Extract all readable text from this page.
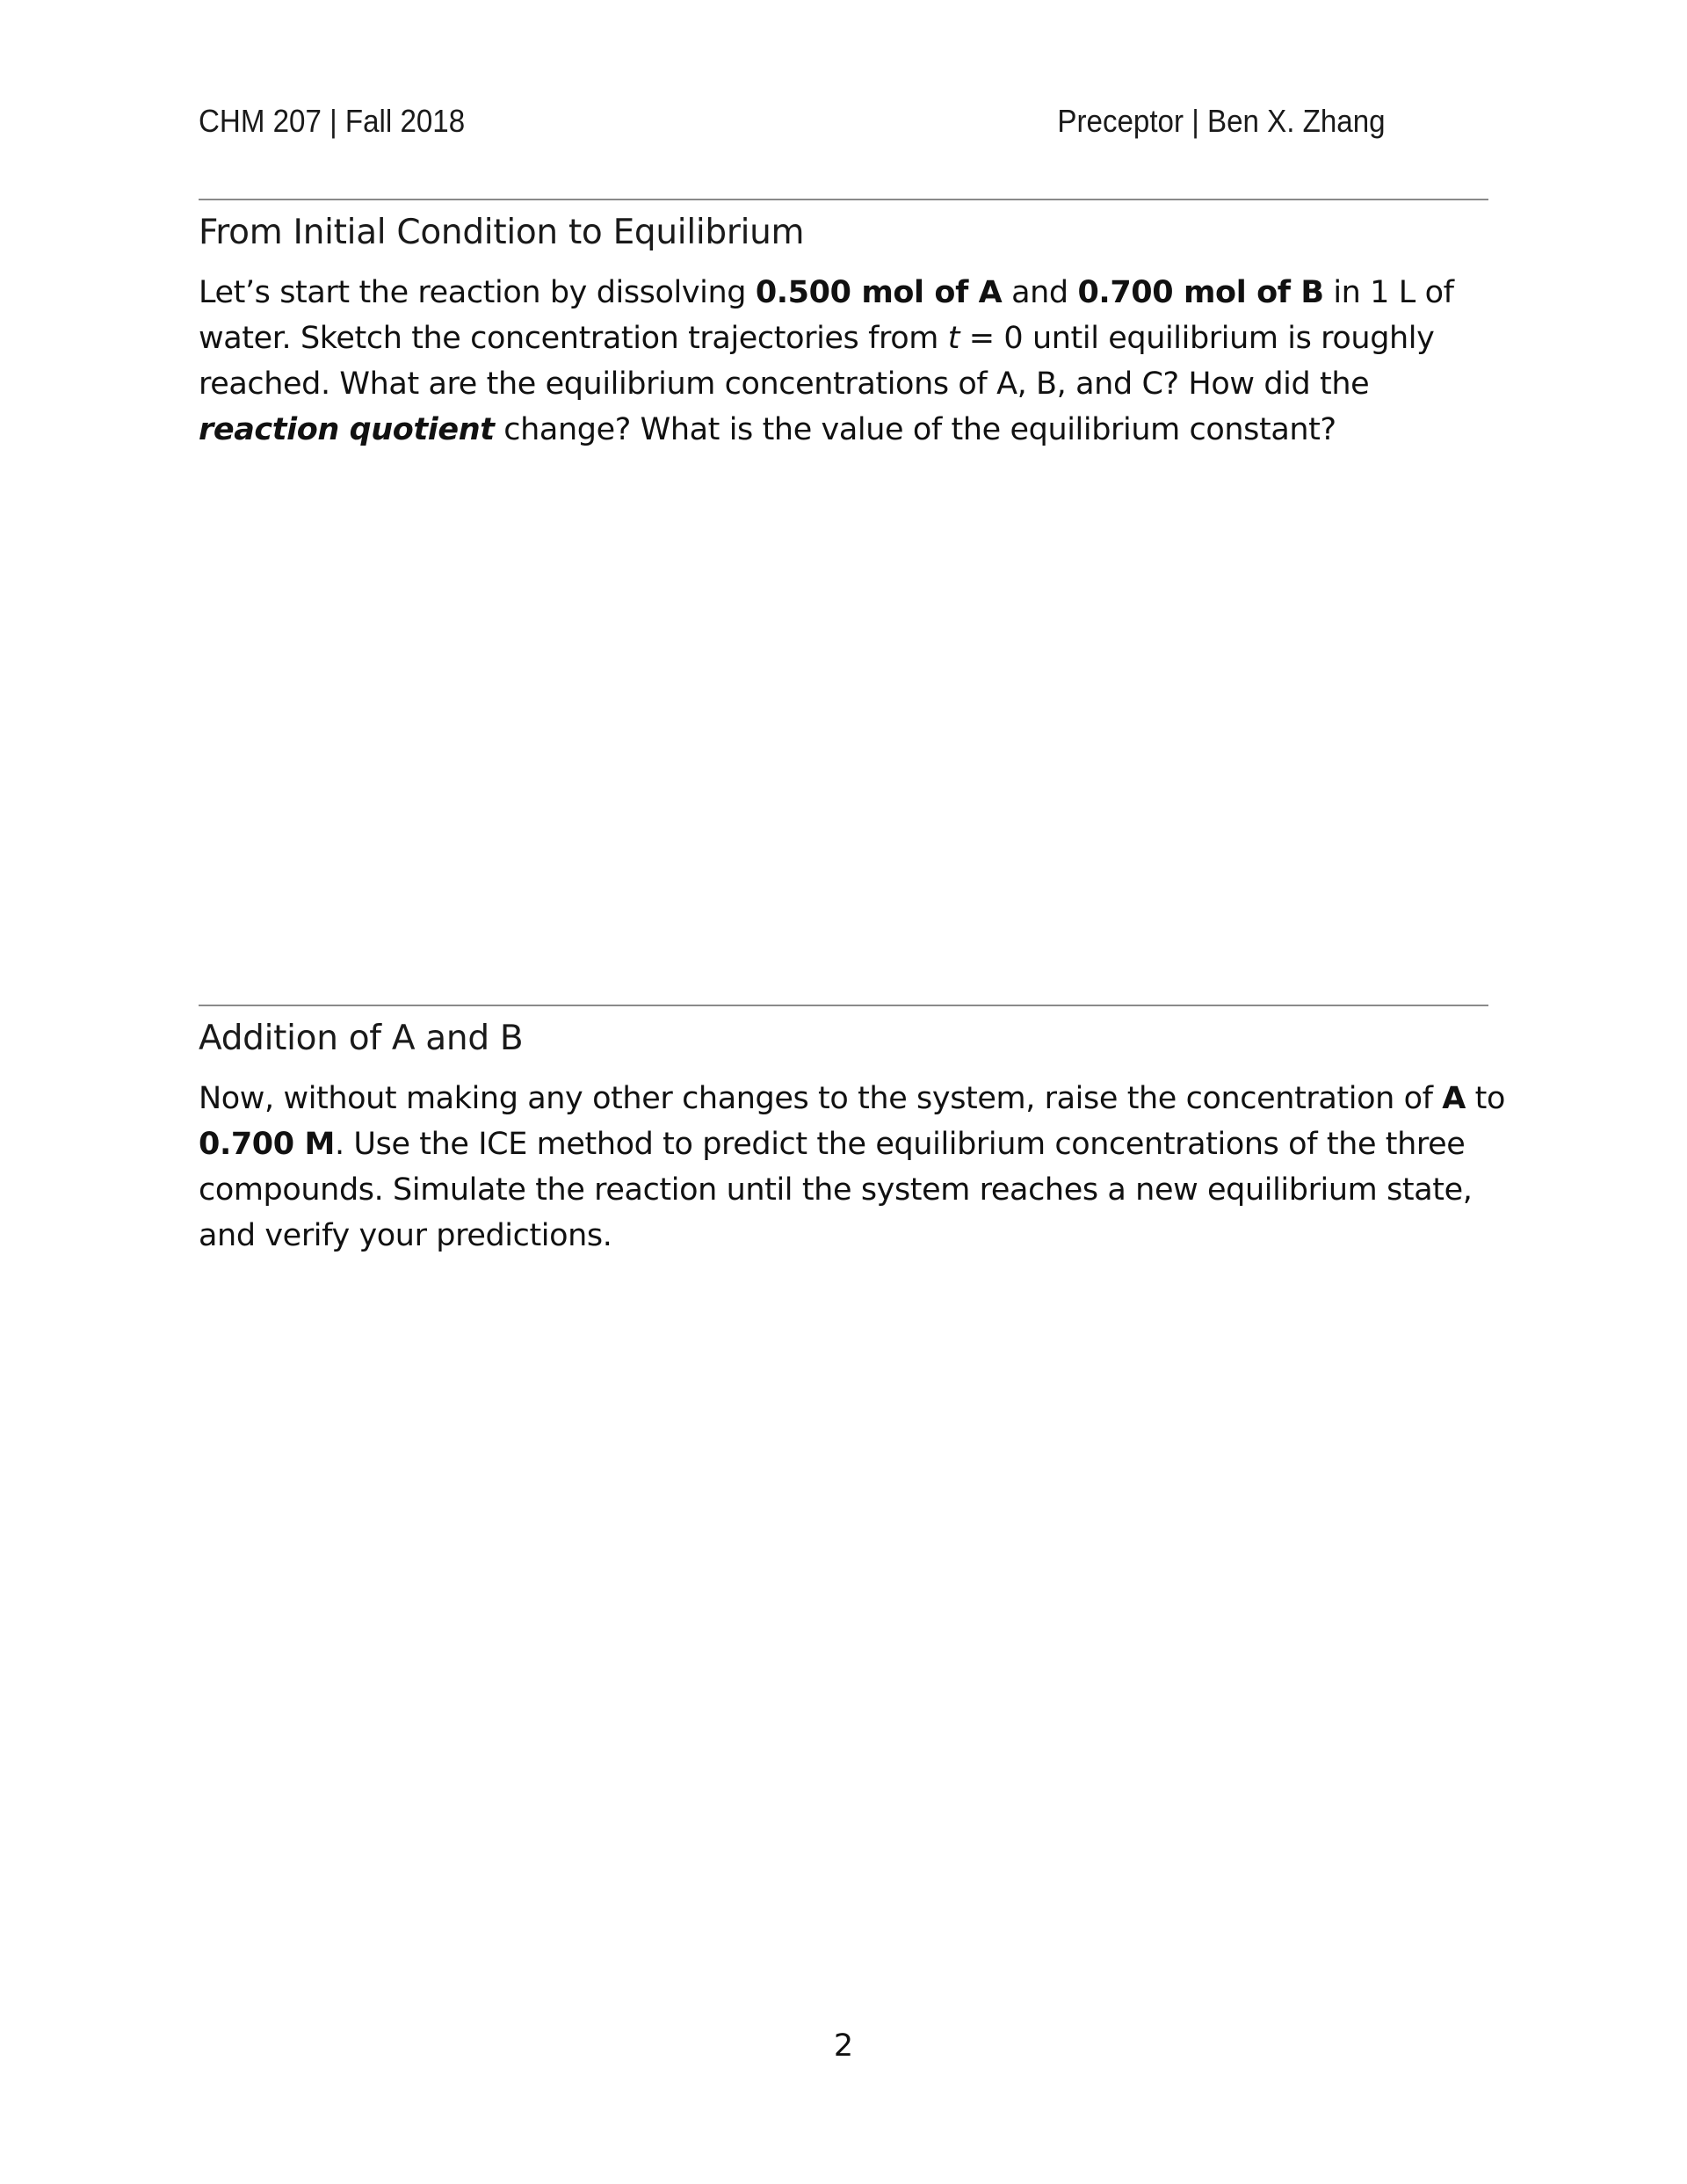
CHM 207 | Fall 2018	Preceptor | Ben X. Zhang
From Initial Condition to Equilibrium

Let’s start the reaction by dissolving 0.500 mol of A and 0.700 mol of B in 1 L of water. Sketch the concentration trajectories from t = 0 until equilibrium is roughly reached. What are the equilibrium concentrations of A, B, and C? How did the reaction quotient change? What is the value of the equilibrium constant?

Addition of A and B

Now, without making any other changes to the system, raise the concentration of A to 0.700 M. Use the ICE method to predict the equilibrium concentrations of the three compounds. Simulate the reaction until the system reaches a new equilibrium state, and verify your predictions.

2
